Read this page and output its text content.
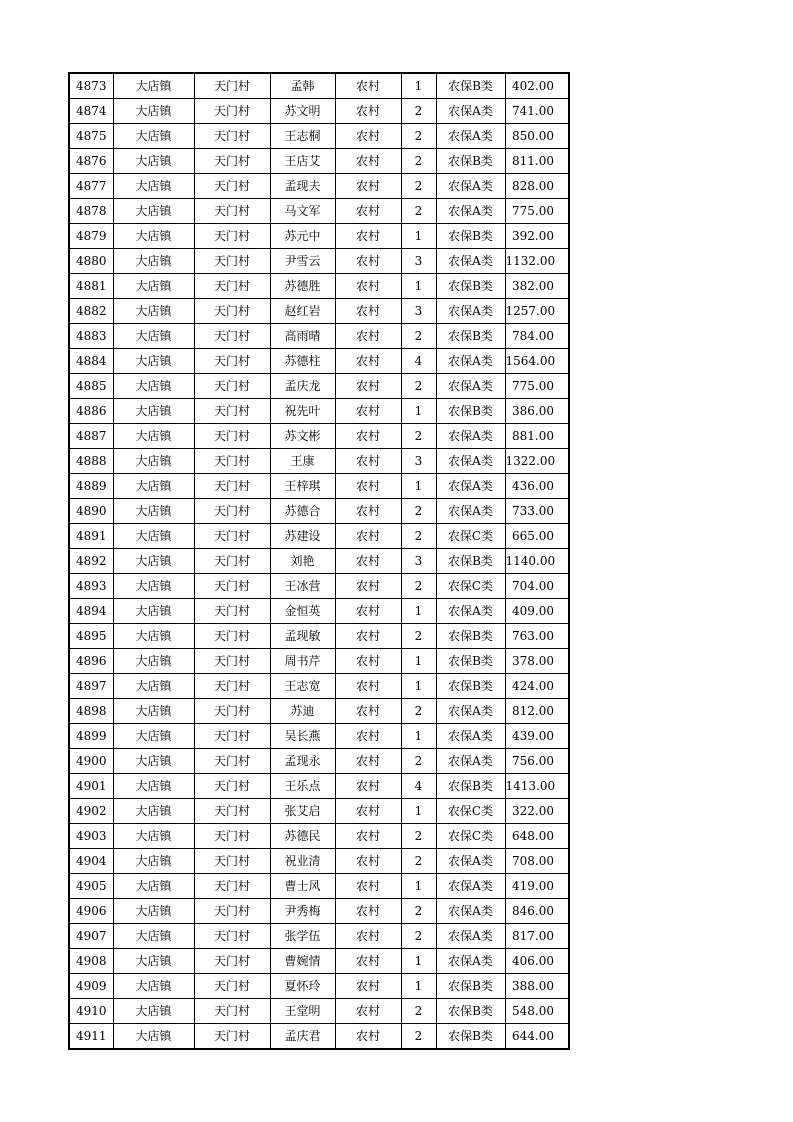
4873	大店镇	天门村	孟韩	农村	1	农保B类	402.00
4874	大店镇	天门村	苏文明	农村	2	农保A类	741.00
4875	大店镇	天门村	王志桐	农村	2	农保A类	850.00
4876	大店镇	天门村	王店艾	农村	2	农保B类	811.00
4877	大店镇	天门村	孟现夫	农村	2	农保A类	828.00
4878	大店镇	天门村	马文军	农村	2	农保A类	775.00
4879	大店镇	天门村	苏元中	农村	1	农保B类	392.00
4880	大店镇	天门村	尹雪云	农村	3	农保A类	1132.00
4881	大店镇	天门村	苏德胜	农村	1	农保B类	382.00
4882	大店镇	天门村	赵红岩	农村	3	农保A类	1257.00
4883	大店镇	天门村	高雨晴	农村	2	农保B类	784.00
4884	大店镇	天门村	苏德柱	农村	4	农保A类	1564.00
4885	大店镇	天门村	孟庆龙	农村	2	农保A类	775.00
4886	大店镇	天门村	祝先叶	农村	1	农保B类	386.00
4887	大店镇	天门村	苏文彬	农村	2	农保A类	881.00
4888	大店镇	天门村	王康	农村	3	农保A类	1322.00
4889	大店镇	天门村	王梓琪	农村	1	农保A类	436.00
4890	大店镇	天门村	苏德合	农村	2	农保A类	733.00
4891	大店镇	天门村	苏建设	农村	2	农保C类	665.00
4892	大店镇	天门村	刘艳	农村	3	农保B类	1140.00
4893	大店镇	天门村	王冰营	农村	2	农保C类	704.00
4894	大店镇	天门村	金恒英	农村	1	农保A类	409.00
4895	大店镇	天门村	孟现敏	农村	2	农保B类	763.00
4896	大店镇	天门村	周书芹	农村	1	农保B类	378.00
4897	大店镇	天门村	王志宽	农村	1	农保B类	424.00
4898	大店镇	天门村	苏迪	农村	2	农保A类	812.00
4899	大店镇	天门村	吴长燕	农村	1	农保A类	439.00
4900	大店镇	天门村	孟现永	农村	2	农保A类	756.00
4901	大店镇	天门村	王乐点	农村	4	农保B类	1413.00
4902	大店镇	天门村	张艾启	农村	1	农保C类	322.00
4903	大店镇	天门村	苏德民	农村	2	农保C类	648.00
4904	大店镇	天门村	祝业清	农村	2	农保A类	708.00
4905	大店镇	天门村	曹士风	农村	1	农保A类	419.00
4906	大店镇	天门村	尹秀梅	农村	2	农保A类	846.00
4907	大店镇	天门村	张学伍	农村	2	农保A类	817.00
4908	大店镇	天门村	曹婉情	农村	1	农保A类	406.00
4909	大店镇	天门村	夏怀玲	农村	1	农保B类	388.00
4910	大店镇	天门村	王堂明	农村	2	农保B类	548.00
4911	大店镇	天门村	孟庆君	农村	2	农保B类	644.00
